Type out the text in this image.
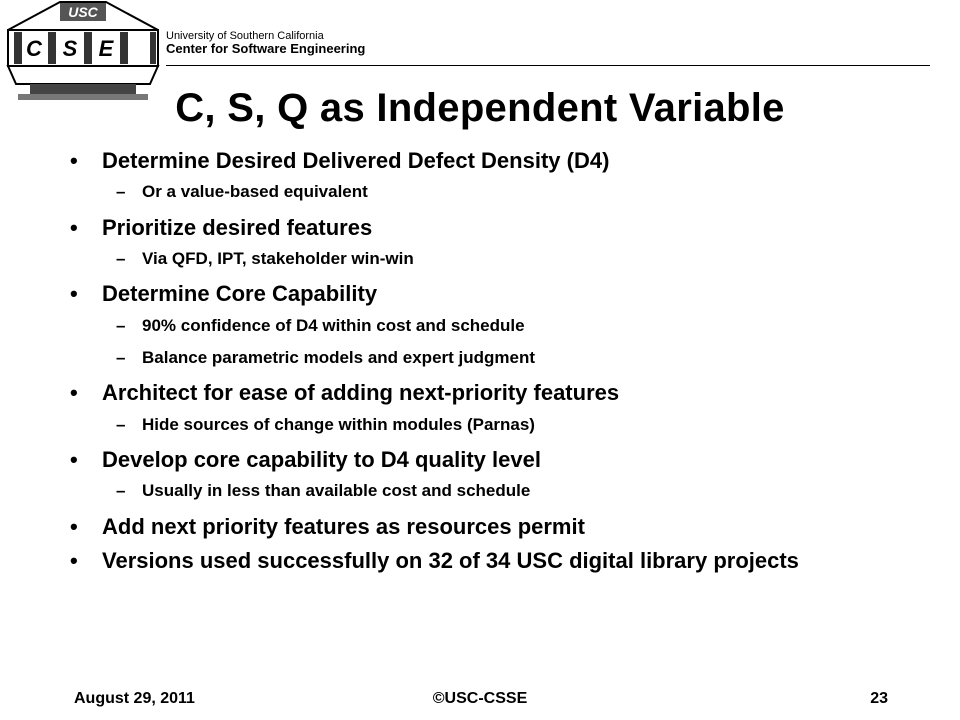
USC
C S E	University of Southern California
Center for Software Engineering
C, S, Q as Independent Variable
• Determine Desired Delivered Defect Density (D4)
– Or a value-based equivalent
• Prioritize desired features
– Via QFD, IPT, stakeholder win-win
• Determine Core Capability
– 90% confidence of D4 within cost and schedule
– Balance parametric models and expert judgment
• Architect for ease of adding next-priority features
– Hide sources of change within modules (Parnas)
• Develop core capability to D4 quality level
– Usually in less than available cost and schedule
• Add next priority features as resources permit
• Versions used successfully on 32 of 34 USC digital library projects
August 29, 2011	©USC-CSSE	23
